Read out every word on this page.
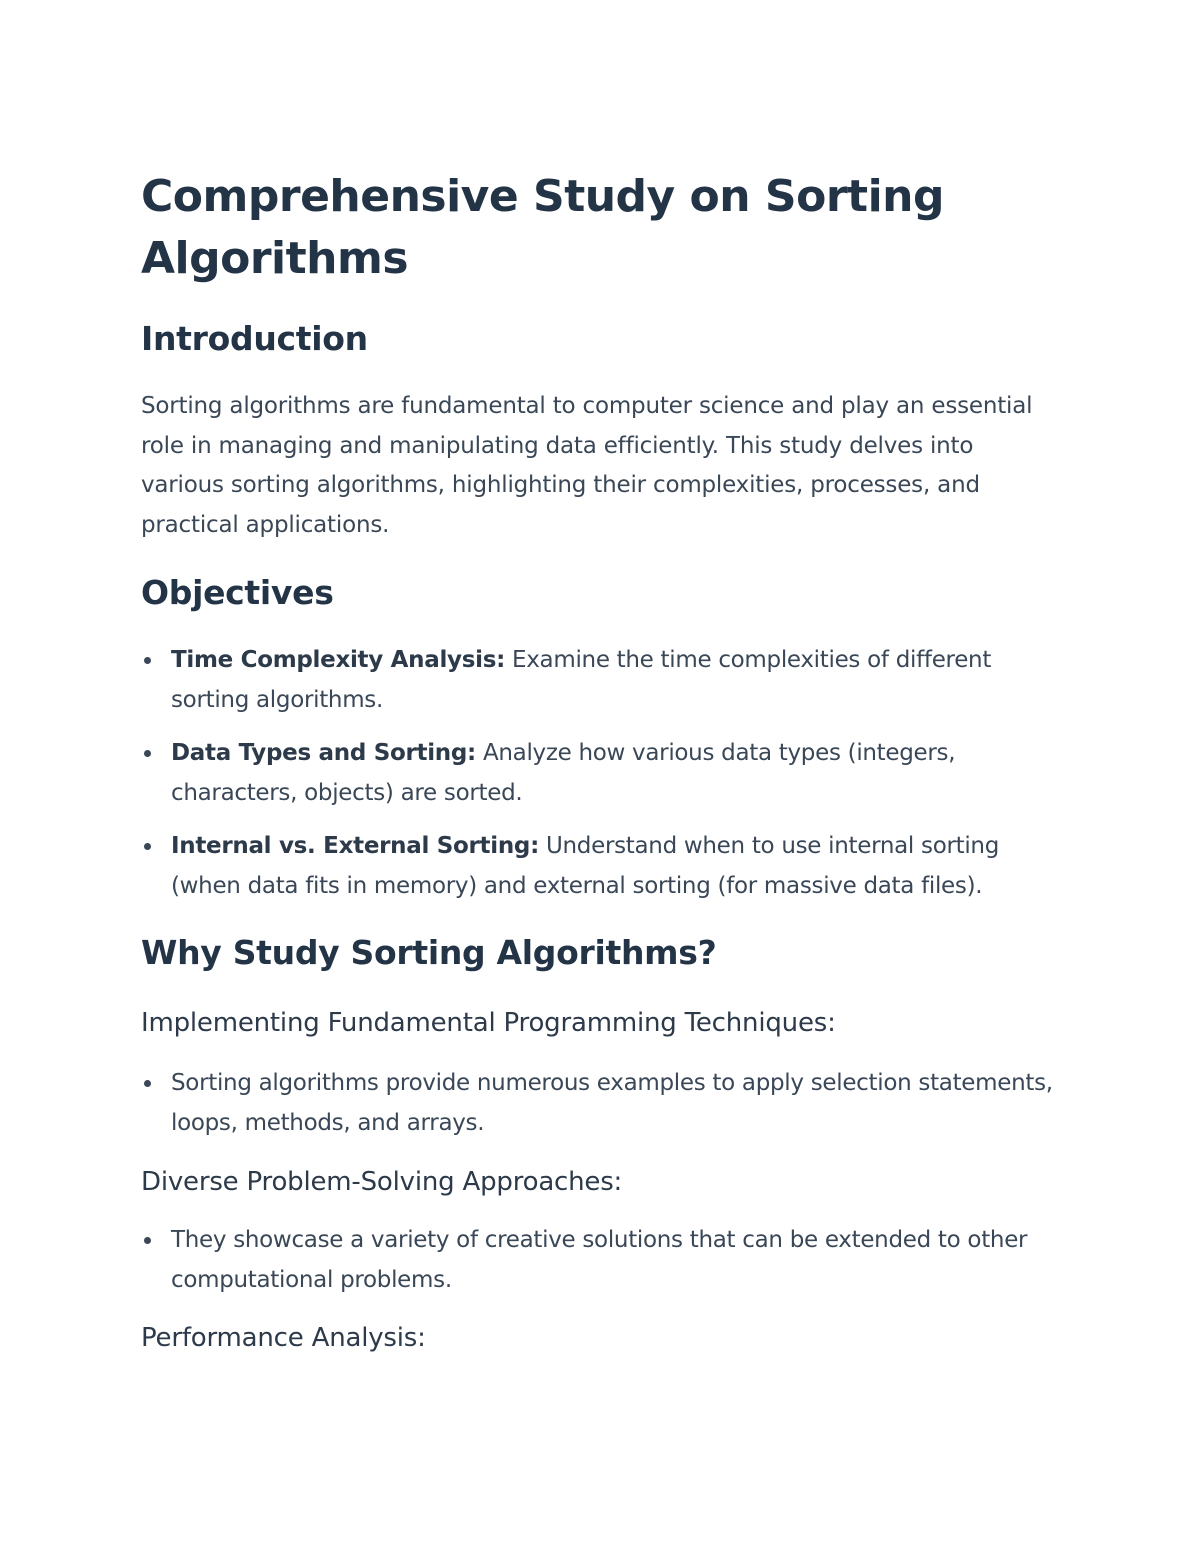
Comprehensive Study on Sorting Algorithms
Introduction

Sorting algorithms are fundamental to computer science and play an essential role in managing and manipulating data efficiently. This study delves into various sorting algorithms, highlighting their complexities, processes, and practical applications.

Objectives
Time Complexity Analysis: Examine the time complexities of different sorting algorithms.
Data Types and Sorting: Analyze how various data types (integers, characters, objects) are sorted.
Internal vs. External Sorting: Understand when to use internal sorting (when data fits in memory) and external sorting (for massive data files).
Why Study Sorting Algorithms?
Implementing Fundamental Programming Techniques:
Sorting algorithms provide numerous examples to apply selection statements, loops, methods, and arrays.
Diverse Problem-Solving Approaches:
They showcase a variety of creative solutions that can be extended to other computational problems.
Performance Analysis:
